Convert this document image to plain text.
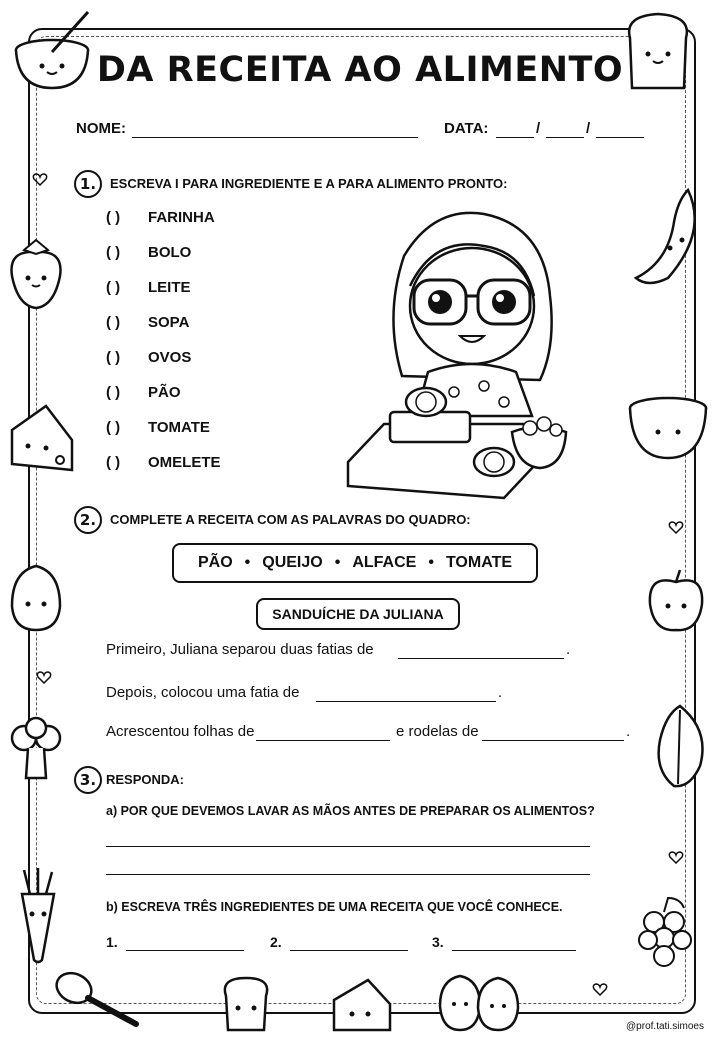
DA RECEITA AO ALIMENTO
NOME:	DATA:	/	/
1.	ESCREVA I PARA INGREDIENTE E A PARA ALIMENTO PRONTO:
( )	FARINHA
( )	BOLO
( )	LEITE
( )	SOPA
( )	OVOS
( )	PÃO
( )	TOMATE
( )	OMELETE
2.	COMPLETE A RECEITA COM AS PALAVRAS DO QUADRO:
PÃO • QUEIJO • ALFACE • TOMATE
SANDUÍCHE DA JULIANA
Primeiro, Juliana separou duas fatias de	.
Depois, colocou uma fatia de	.
Acrescentou folhas de	e rodelas de	.
3. RESPONDA:
a) POR QUE DEVEMOS LAVAR AS MÃOS ANTES DE PREPARAR OS ALIMENTOS?
b) ESCREVA TRÊS INGREDIENTES DE UMA RECEITA QUE VOCÊ CONHECE.
1.	2.	3.
@prof.tati.simoes
